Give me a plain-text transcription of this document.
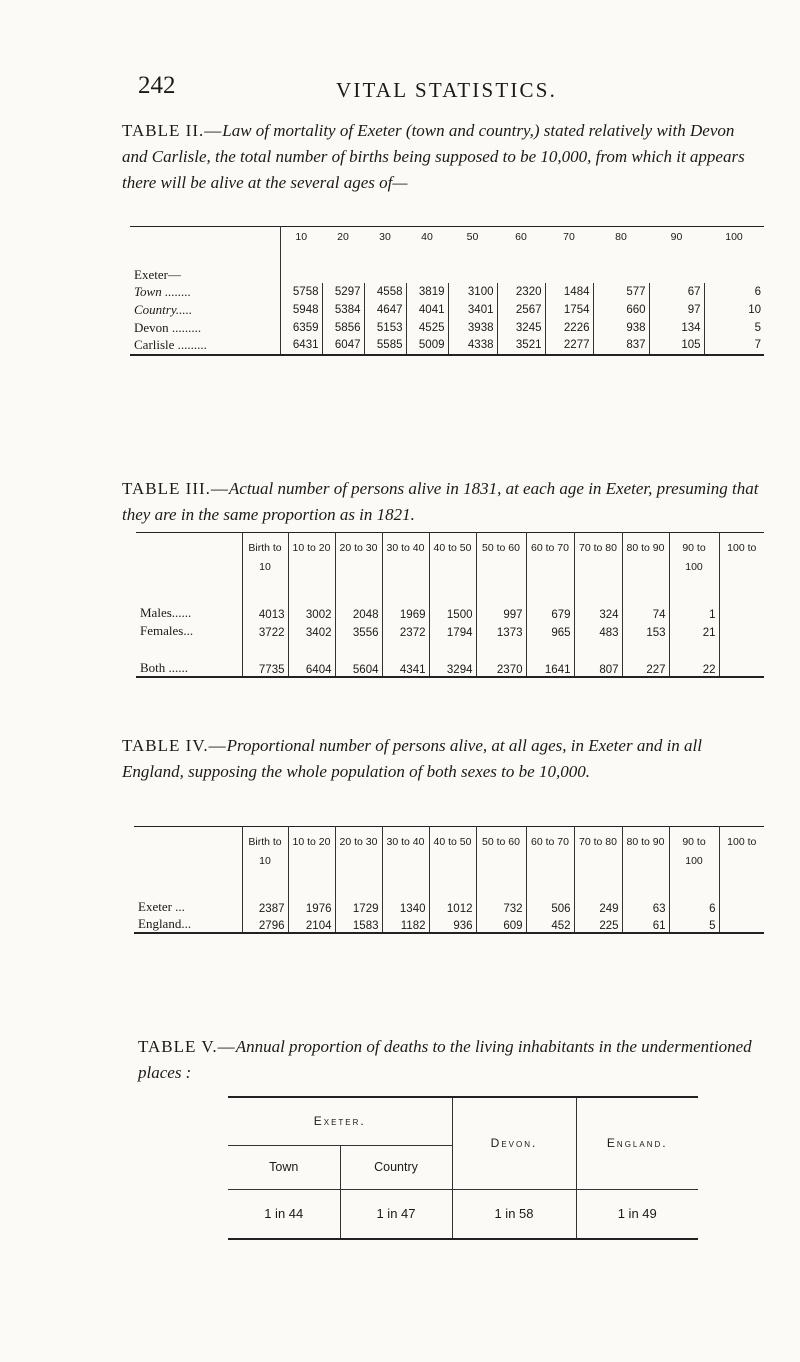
242	VITAL STATISTICS.
TABLE II.—Law of mortality of Exeter (town and country,) stated relatively with Devon and Carlisle, the total number of births being supposed to be 10,000, from which it appears there will be alive at the several ages of—
	10	20	30	40	50	60	70	80	90	100
Exeter—										
Town ........	5758	5297	4558	3819	3100	2320	1484	577	67	6
Country.....	5948	5384	4647	4041	3401	2567	1754	660	97	10
Devon .........	6359	5856	5153	4525	3938	3245	2226	938	134	5
Carlisle .........	6431	6047	5585	5009	4338	3521	2277	837	105	7
TABLE III.—Actual number of persons alive in 1831, at each age in Exeter, presuming that they are in the same proportion as in 1821.

	Birth to 10	10 to 20	20 to 30	30 to 40	40 to 50	50 to 60	60 to 70	70 to 80	80 to 90	90 to 100	100 to

Males......	4013	3002	2048	1969	1500	997	679	324	74	1	
Females...	3722	3402	3556	2372	1794	1373	965	483	153	21	
Both ......	7735	6404	5604	4341	3294	2370	1641	807	227	22	
TABLE IV.—Proportional number of persons alive, at all ages, in Exeter and in all England, supposing the whole population of both sexes to be 10,000.

	Birth to 10	10 to 20	20 to 30	30 to 40	40 to 50	50 to 60	60 to 70	70 to 80	80 to 90	90 to 100	100 to

Exeter ...	2387	1976	1729	1340	1012	732	506	249	63	6	
England...	2796	2104	1583	1182	936	609	452	225	61	5	
TABLE V.—Annual proportion of deaths to the living inhabitants in the undermentioned places :
Exeter.		Devon.	England.
Town	Country		
1 in 44	1 in 47	1 in 58	1 in 49
